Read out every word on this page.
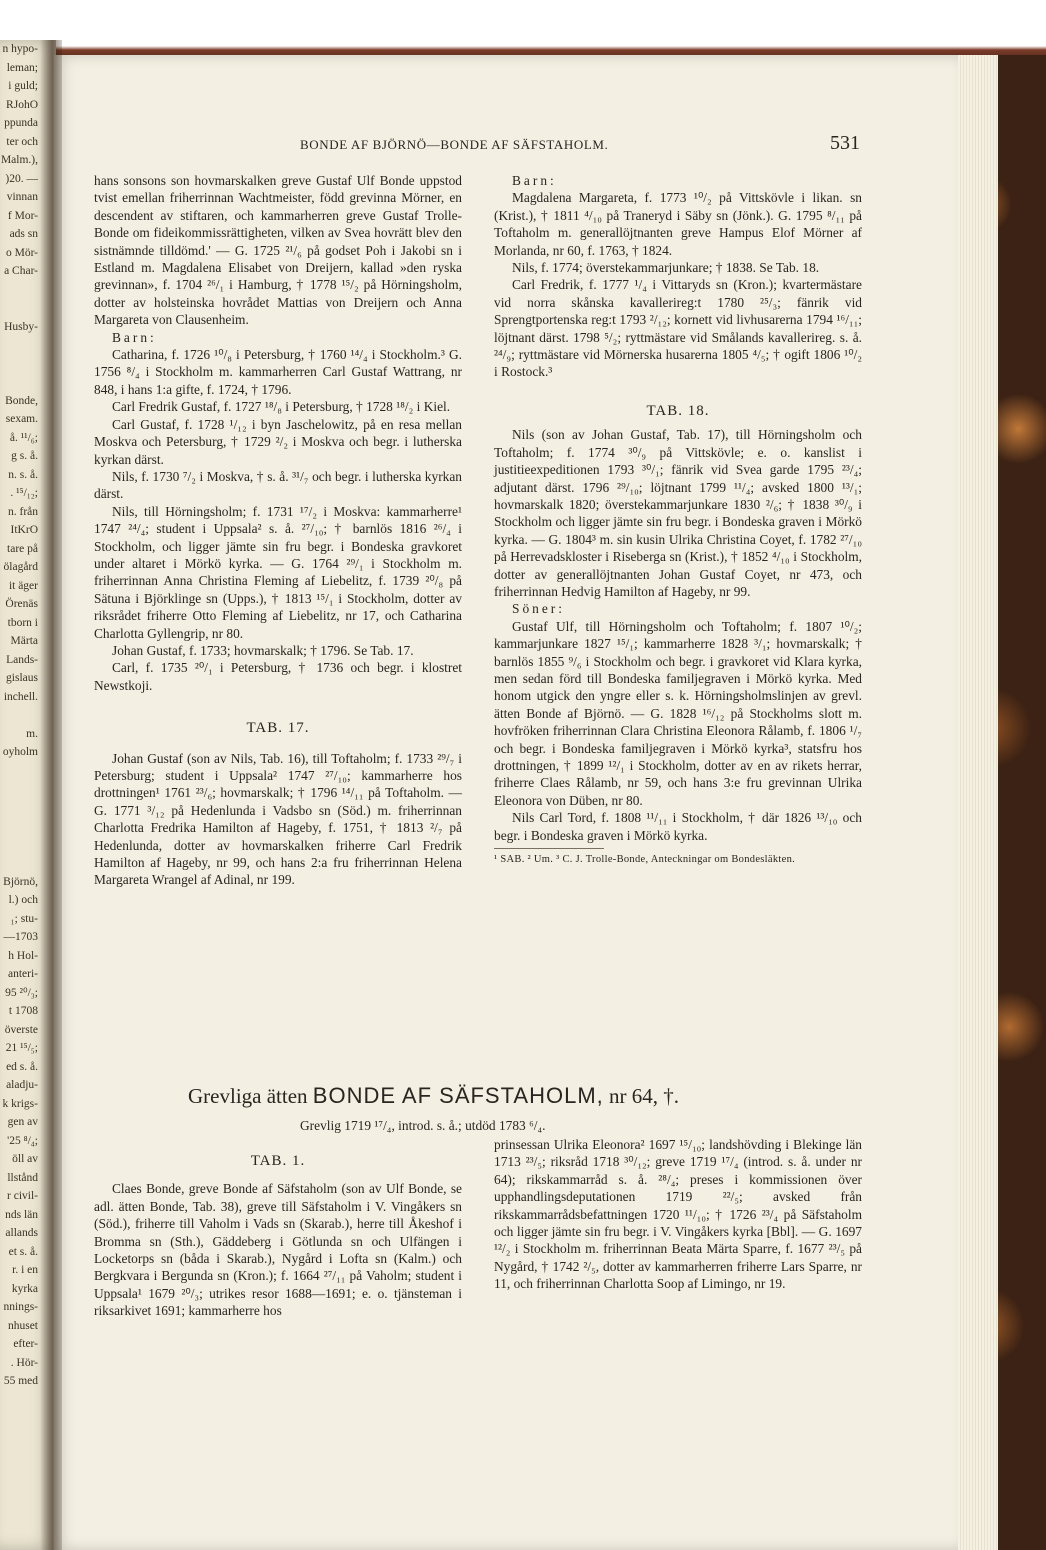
n hypo-
leman;
i guld;
RJohO
ppunda
ter och
Malm.),
)20. —
vinnan
f Mor-
ads sn
o Mör-
a Char-

Husby-

Bonde,
sexam.
å. ¹¹/₆;
g s. å.
n. s. å.
. ¹⁵/₁₂;
n. från
ItKrO
tare på
ölagård
it äger
Örenäs
tborn i
Märta
Lands-
gislaus
inchell.

m.
oyholm

Björnö,
l.) och
₁; stu-
—1703
h Hol-
anteri-
95 ²⁰/₃;
t 1708
överste
21 ¹⁵/₅;
ed s. å.
aladju-
k krigs-
gen av
'25 ⁸/₄;
öll av
llstånd
r civil-
nds län
allands
et s. å.
r. i en
kyrka
nnings-
nhuset
efter-
. Hör-
55 med
BONDE AF BJÖRNÖ—BONDE AF SÄFSTAHOLM.	531

hans sonsons son hovmarskalken greve Gustaf Ulf Bonde uppstod tvist emellan friherrinnan Wachtmeister, född grevinna Mörner, en descendent av stiftaren, och kammarherren greve Gustaf Trolle-Bonde om fideikommissrättigheten, vilken av Svea hovrätt blev den sistnämnde tilldömd.' — G. 1725 ²¹/₆ på godset Poh i Jakobi sn i Estland m. Magdalena Elisabet von Dreijern, kallad »den ryska grevinnan», f. 1704 ²⁶/₁ i Hamburg, † 1778 ¹⁵/₂ på Hörningsholm, dotter av holsteinska hovrådet Mattias von Dreijern och Anna Margareta von Clausenheim.

Barn:

Catharina, f. 1726 ¹⁰/₈ i Petersburg, † 1760 ¹⁴/₄ i Stockholm.³ G. 1756 ⁸/₄ i Stockholm m. kammarherren Carl Gustaf Wattrang, nr 848, i hans 1:a gifte, f. 1724, † 1796.

Carl Fredrik Gustaf, f. 1727 ¹⁸/₈ i Petersburg, † 1728 ¹⁸/₂ i Kiel.

Carl Gustaf, f. 1728 ¹/₁₂ i byn Jaschelowitz, på en resa mellan Moskva och Petersburg, † 1729 ²/₂ i Moskva och begr. i lutherska kyrkan därst.

Nils, f. 1730 ⁷/₂ i Moskva, † s. å. ³¹/₇ och begr. i lutherska kyrkan därst.

Nils, till Hörningsholm; f. 1731 ¹⁷/₂ i Moskva: kammarherre¹ 1747 ²⁴/₄; student i Uppsala² s. å. ²⁷/₁₀; † barnlös 1816 ²⁶/₄ i Stockholm, och ligger jämte sin fru begr. i Bondeska gravkoret under altaret i Mörkö kyrka. — G. 1764 ²⁹/₁ i Stockholm m. friherrinnan Anna Christina Fleming af Liebelitz, f. 1739 ²⁰/₈ på Sätuna i Björklinge sn (Upps.), † 1813 ¹⁵/₁ i Stockholm, dotter av riksrådet friherre Otto Fleming af Liebelitz, nr 17, och Catharina Charlotta Gyllengrip, nr 80.

Johan Gustaf, f. 1733; hovmarskalk; † 1796. Se Tab. 17.

Carl, f. 1735 ²⁰/₁ i Petersburg, † 1736 och begr. i klostret Newstkoji.

TAB. 17.

Johan Gustaf (son av Nils, Tab. 16), till Toftaholm; f. 1733 ²⁹/₇ i Petersburg; student i Uppsala² 1747 ²⁷/₁₀; kammarherre hos drottningen¹ 1761 ²³/₆; hovmarskalk; † 1796 ¹⁴/₁₁ på Toftaholm. — G. 1771 ³/₁₂ på Hedenlunda i Vadsbo sn (Söd.) m. friherrinnan Charlotta Fredrika Hamilton af Hageby, f. 1751, † 1813 ²/₇ på Hedenlunda, dotter av hovmarskalken friherre Carl Fredrik Hamilton af Hageby, nr 99, och hans 2:a fru friherrinnan Helena Margareta Wrangel af Adinal, nr 199.

Barn:

Magdalena Margareta, f. 1773 ¹⁰/₂ på Vittskövle i likan. sn (Krist.), † 1811 ⁴/₁₀ på Traneryd i Säby sn (Jönk.). G. 1795 ⁸/₁₁ på Toftaholm m. generallöjtnanten greve Hampus Elof Mörner af Morlanda, nr 60, f. 1763, † 1824.

Nils, f. 1774; överstekammarjunkare; † 1838. Se Tab. 18.

Carl Fredrik, f. 1777 ¹/₄ i Vittaryds sn (Kron.); kvartermästare vid norra skånska kavallerireg:t 1780 ²⁵/₃; fänrik vid Sprengtportenska reg:t 1793 ²/₁₂; kornett vid livhusarerna 1794 ¹⁶/₁₁; löjtnant därst. 1798 ⁵/₂; ryttmästare vid Smålands kavallerireg. s. å. ²⁴/₉; ryttmästare vid Mörnerska husarerna 1805 ⁴/₅; † ogift 1806 ¹⁰/₂ i Rostock.³

TAB. 18.

Nils (son av Johan Gustaf, Tab. 17), till Hörningsholm och Toftaholm; f. 1774 ³⁰/₉ på Vittskövle; e. o. kanslist i justitieexpeditionen 1793 ³⁰/₁; fänrik vid Svea garde 1795 ²³/₄; adjutant därst. 1796 ²⁹/₁₀; löjtnant 1799 ¹¹/₄; avsked 1800 ¹³/₁; hovmarskalk 1820; överstekammarjunkare 1830 ²/₆; † 1838 ³⁰/₉ i Stockholm och ligger jämte sin fru begr. i Bondeska graven i Mörkö kyrka. — G. 1804³ m. sin kusin Ulrika Christina Coyet, f. 1782 ²⁷/₁₀ på Herrevadskloster i Riseberga sn (Krist.), † 1852 ⁴/₁₀ i Stockholm, dotter av generallöjtnanten Johan Gustaf Coyet, nr 473, och friherrinnan Hedvig Hamilton af Hageby, nr 99.

Söner:

Gustaf Ulf, till Hörningsholm och Toftaholm; f. 1807 ¹⁰/₂; kammarjunkare 1827 ¹⁵/₁; kammarherre 1828 ³/₁; hovmarskalk; † barnlös 1855 ⁹/₆ i Stockholm och begr. i gravkoret vid Klara kyrka, men sedan förd till Bondeska familjegraven i Mörkö kyrka. Med honom utgick den yngre eller s. k. Hörningsholmslinjen av grevl. ätten Bonde af Björnö. — G. 1828 ¹⁶/₁₂ på Stockholms slott m. hovfröken friherrinnan Clara Christina Eleonora Rålamb, f. 1806 ¹/₇ och begr. i Bondeska familjegraven i Mörkö kyrka³, statsfru hos drottningen, † 1899 ¹²/₁ i Stockholm, dotter av en av rikets herrar, friherre Claes Rålamb, nr 59, och hans 3:e fru grevinnan Ulrika Eleonora von Düben, nr 80.

Nils Carl Tord, f. 1808 ¹¹/₁₁ i Stockholm, † där 1826 ¹³/₁₀ och begr. i Bondeska graven i Mörkö kyrka.

¹ SAB. ² Um. ³ C. J. Trolle-Bonde, Anteckningar om Bondesläkten.

Grevliga ätten BONDE AF SÄFSTAHOLM, nr 64, †.
Grevlig 1719 ¹⁷/₄, introd. s. å.; utdöd 1783 ⁶/₄.
TAB. 1.

Claes Bonde, greve Bonde af Säfstaholm (son av Ulf Bonde, se adl. ätten Bonde, Tab. 38), greve till Säfstaholm i V. Vingåkers sn (Söd.), friherre till Vaholm i Vads sn (Skarab.), herre till Åkeshof i Bromma sn (Sth.), Gäddeberg i Götlunda sn och Ulfängen i Locketorps sn (båda i Skarab.), Nygård i Lofta sn (Kalm.) och Bergkvara i Bergunda sn (Kron.); f. 1664 ²⁷/₁₁ på Vaholm; student i Uppsala¹ 1679 ²⁰/₃; utrikes resor 1688—1691; e. o. tjänsteman i riksarkivet 1691; kammarherre hos

prinsessan Ulrika Eleonora² 1697 ¹⁵/₁₀; landshövding i Blekinge län 1713 ²³/₅; riksråd 1718 ³⁰/₁₂; greve 1719 ¹⁷/₄ (introd. s. å. under nr 64); rikskammarråd s. å. ²⁸/₄; preses i kommissionen över upphandlingsdeputationen 1719 ²²/₅; avsked från rikskammarrådsbefattningen 1720 ¹¹/₁₀; † 1726 ²³/₄ på Säfstaholm och ligger jämte sin fru begr. i V. Vingåkers kyrka [Bbl]. — G. 1697 ¹²/₂ i Stockholm m. friherrinnan Beata Märta Sparre, f. 1677 ²³/₅ på Nygård, † 1742 ²/₅, dotter av kammarherren friherre Lars Sparre, nr 11, och friherrinnan Charlotta Soop af Limingo, nr 19.
